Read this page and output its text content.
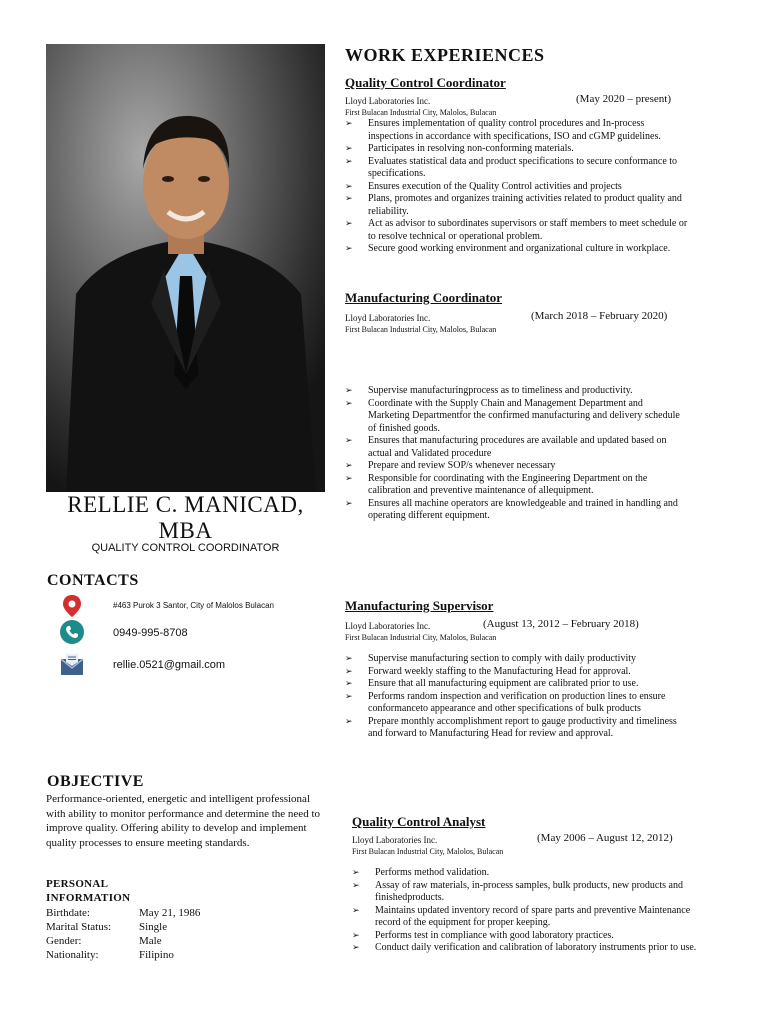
RELLIE C. MANICAD,
MBA
QUALITY CONTROL COORDINATOR
CONTACTS
#463 Purok 3 Santor, City of Malolos Bulacan
0949-995-8708
rellie.0521@gmail.com
OBJECTIVE
Performance-oriented, energetic and intelligent professional with ability to monitor performance and determine the need to improve quality. Offering ability to develop and implement quality processes to ensure meeting standards.
PERSONAL INFORMATION
Birthdate:	May 21, 1986
Marital Status:	Single
Gender:	Male
Nationality:	Filipino
WORK EXPERIENCES
Quality Control Coordinator
Lloyd Laboratories Inc.	(May 2020 – present)
First Bulacan Industrial City, Malolos, Bulacan
➢ Ensures implementation of quality control procedures and In-process inspections in accordance with specifications, ISO and cGMP guidelines.
➢ Participates in resolving non-conforming materials.
➢ Evaluates statistical data and product specifications to secure conformance to specifications.
➢ Ensures execution of the Quality Control activities and projects
➢ Plans, promotes and organizes training activities related to product quality and reliability.
➢ Act as advisor to subordinates supervisors or staff members to meet schedule or to resolve technical or operational problem.
➢ Secure good working environment and organizational culture in workplace.
Manufacturing Coordinator
Lloyd Laboratories Inc.	(March 2018 – February 2020)
First Bulacan Industrial City, Malolos, Bulacan
➢ Supervise manufacturingprocess as to timeliness and productivity.
➢ Coordinate with the Supply Chain and Management Department and Marketing Departmentfor the confirmed manufacturing and delivery schedule of finished goods.
➢ Ensures that manufacturing procedures are available and updated based on actual and Validated procedure
➢ Prepare and review SOP/s whenever necessary
➢ Responsible for coordinating with the Engineering Department on the calibration and preventive maintenance of allequipment.
➢ Ensures all machine operators are knowledgeable and trained in handling and operating different equipment.
Manufacturing Supervisor
Lloyd Laboratories Inc.	(August 13, 2012 – February 2018)
First Bulacan Industrial City, Malolos, Bulacan
➢ Supervise manufacturing section to comply with daily productivity
➢ Forward weekly staffing to the Manufacturing Head for approval.
➢ Ensure that all manufacturing equipment are calibrated prior to use.
➢ Performs random inspection and verification on production lines to ensure conformanceto appearance and other specifications of bulk products
➢ Prepare monthly accomplishment report to gauge productivity and timeliness and forward to Manufacturing Head for review and approval.
Quality Control Analyst
Lloyd Laboratories Inc.	(May 2006 – August 12, 2012)
First Bulacan Industrial City, Malolos, Bulacan
➢ Performs method validation.
➢ Assay of raw materials, in-process samples, bulk products, new products and finishedproducts.
➢ Maintains updated inventory record of spare parts and preventive Maintenance record of the equipment for proper keeping.
➢ Performs test in compliance with good laboratory practices.
➢ Conduct daily verification and calibration of laboratory instruments prior to use.
